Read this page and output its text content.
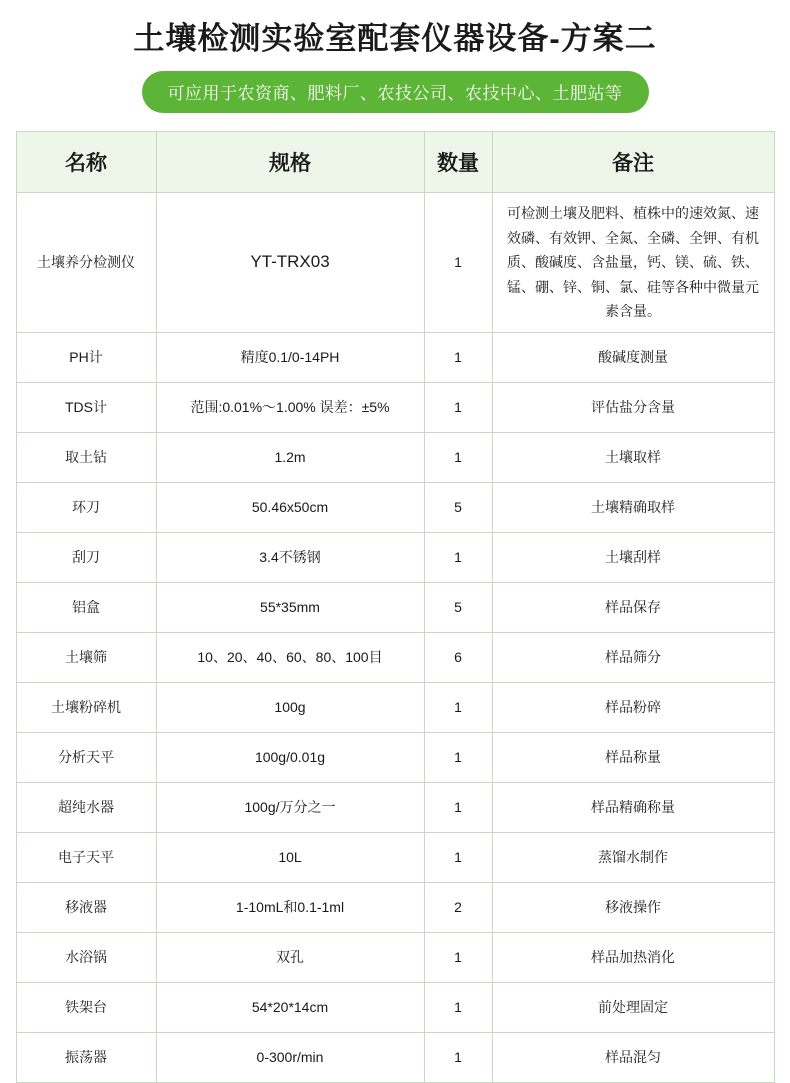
土壤检测实验室配套仪器设备-方案二
可应用于农资商、肥料厂、农技公司、农技中心、土肥站等
名称	规格	数量	备注
土壤养分检测仪	YT-TRX03	1	可检测土壤及肥料、植株中的速效氮、速效磷、有效钾、全氮、全磷、全钾、有机质、酸碱度、含盐量，钙、镁、硫、铁、锰、硼、锌、铜、氯、硅等各种中微量元素含量。
PH计	精度0.1/0-14PH	1	酸碱度测量
TDS计	范围:0.01%～1.00% 误差：±5%	1	评估盐分含量
取土钻	1.2m	1	土壤取样
环刀	50.46x50cm	5	土壤精确取样
刮刀	3.4不锈钢	1	土壤刮样
铝盒	55*35mm	5	样品保存
土壤筛	10、20、40、60、80、100目	6	样品筛分
土壤粉碎机	100g	1	样品粉碎
分析天平	100g/0.01g	1	样品称量
超纯水器	100g/万分之一	1	样品精确称量
电子天平	10L	1	蒸馏水制作
移液器	1-10mL和0.1-1ml	2	移液操作
水浴锅	双孔	1	样品加热消化
铁架台	54*20*14cm	1	前处理固定
振荡器	0-300r/min	1	样品混匀
